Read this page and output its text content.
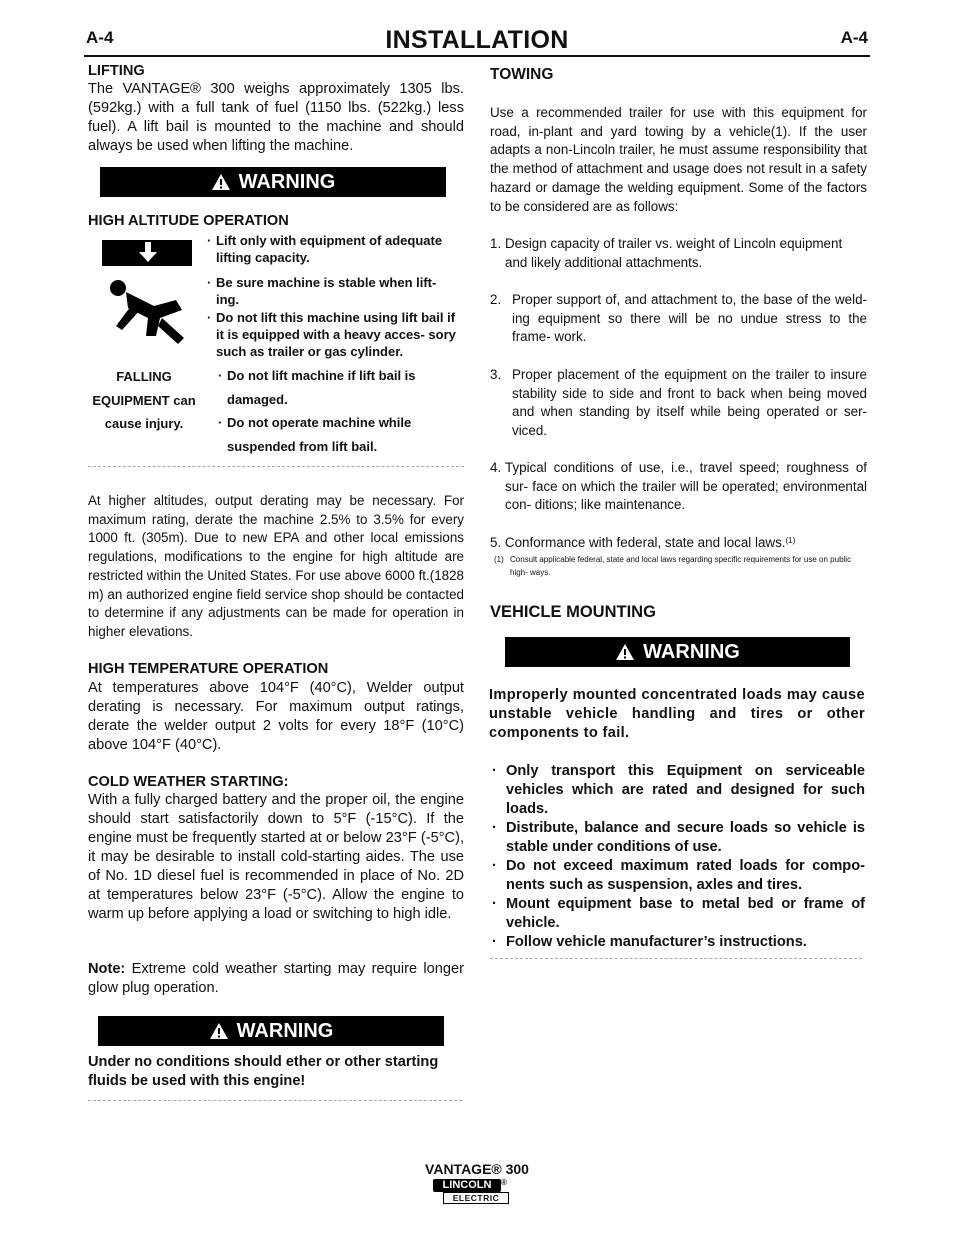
A-4	INSTALLATION	A-4
LIFTING

The VANTAGE® 300 weighs approximately 1305 lbs. (592kg.) with a full tank of fuel (1150 lbs. (522kg.) less fuel). A lift bail is mounted to the machine and should always be used when lifting the machine.

WARNING
HIGH ALTITUDE OPERATION
FALLING
EQUIPMENT can
cause injury.
· Lift only with equipment of adequate lifting capacity.
· Be sure machine is stable when lift- ing.
· Do not lift this machine using lift bail if it is equipped with a heavy acces- sory such as trailer or gas cylinder.
· Do not lift machine if lift bail is damaged.
· Do not operate machine while suspended from lift bail.

At higher altitudes, output derating may be necessary. For maximum rating, derate the machine 2.5% to 3.5% for every 1000 ft. (305m). Due to new EPA and other local emissions regulations, modifications to the engine for high altitude are restricted within the United States. For use above 6000 ft.(1828 m) an authorized engine field service shop should be contacted to determine if any adjustments can be made for operation in higher elevations.

HIGH TEMPERATURE OPERATION

At temperatures above 104°F (40°C), Welder output derating is necessary. For maximum output ratings, derate the welder output 2 volts for every 18°F (10°C) above 104°F (40°C).

COLD WEATHER STARTING:

With a fully charged battery and the proper oil, the engine should start satisfactorily down to 5°F (-15°C). If the engine must be frequently started at or below 23°F (-5°C), it may be desirable to install cold-starting aides. The use of No. 1D diesel fuel is recommended in place of No. 2D at temperatures below 23°F (-5°C). Allow the engine to warm up before applying a load or switching to high idle.

Note: Extreme cold weather starting may require longer glow plug operation.

WARNING

Under no conditions should ether or other starting fluids be used with this engine!

TOWING

Use a recommended trailer for use with this equipment for road, in-plant and yard towing by a vehicle(1). If the user adapts a non-Lincoln trailer, he must assume responsibility that the method of attachment and usage does not result in a safety hazard or damage the welding equipment. Some of the factors to be considered are as follows:

1. Design capacity of trailer vs. weight of Lincoln equipment and likely additional attachments.
2. Proper support of, and attachment to, the base of the weld- ing equipment so there will be no undue stress to the frame- work.
3. Proper placement of the equipment on the trailer to insure stability side to side and front to back when being moved and when standing by itself while being operated or ser- viced.
4. Typical conditions of use, i.e., travel speed; roughness of sur- face on which the trailer will be operated; environmental con- ditions; like maintenance.
5. Conformance with federal, state and local laws.$^{(1)}$
(1) Consult applicable federal, state and local laws regarding specific requirements for use on public high- ways.
VEHICLE MOUNTING
WARNING

Improperly mounted concentrated loads may cause unstable vehicle handling and tires or other components to fail.

· Only transport this Equipment on serviceable vehicles which are rated and designed for such loads.
· Distribute, balance and secure loads so vehicle is stable under conditions of use.
· Do not exceed maximum rated loads for compo- nents such as suspension, axles and tires.
· Mount equipment base to metal bed or frame of vehicle.
· Follow vehicle manufacturer’s instructions.
VANTAGE® 300
LINCOLN	®
ELECTRIC
